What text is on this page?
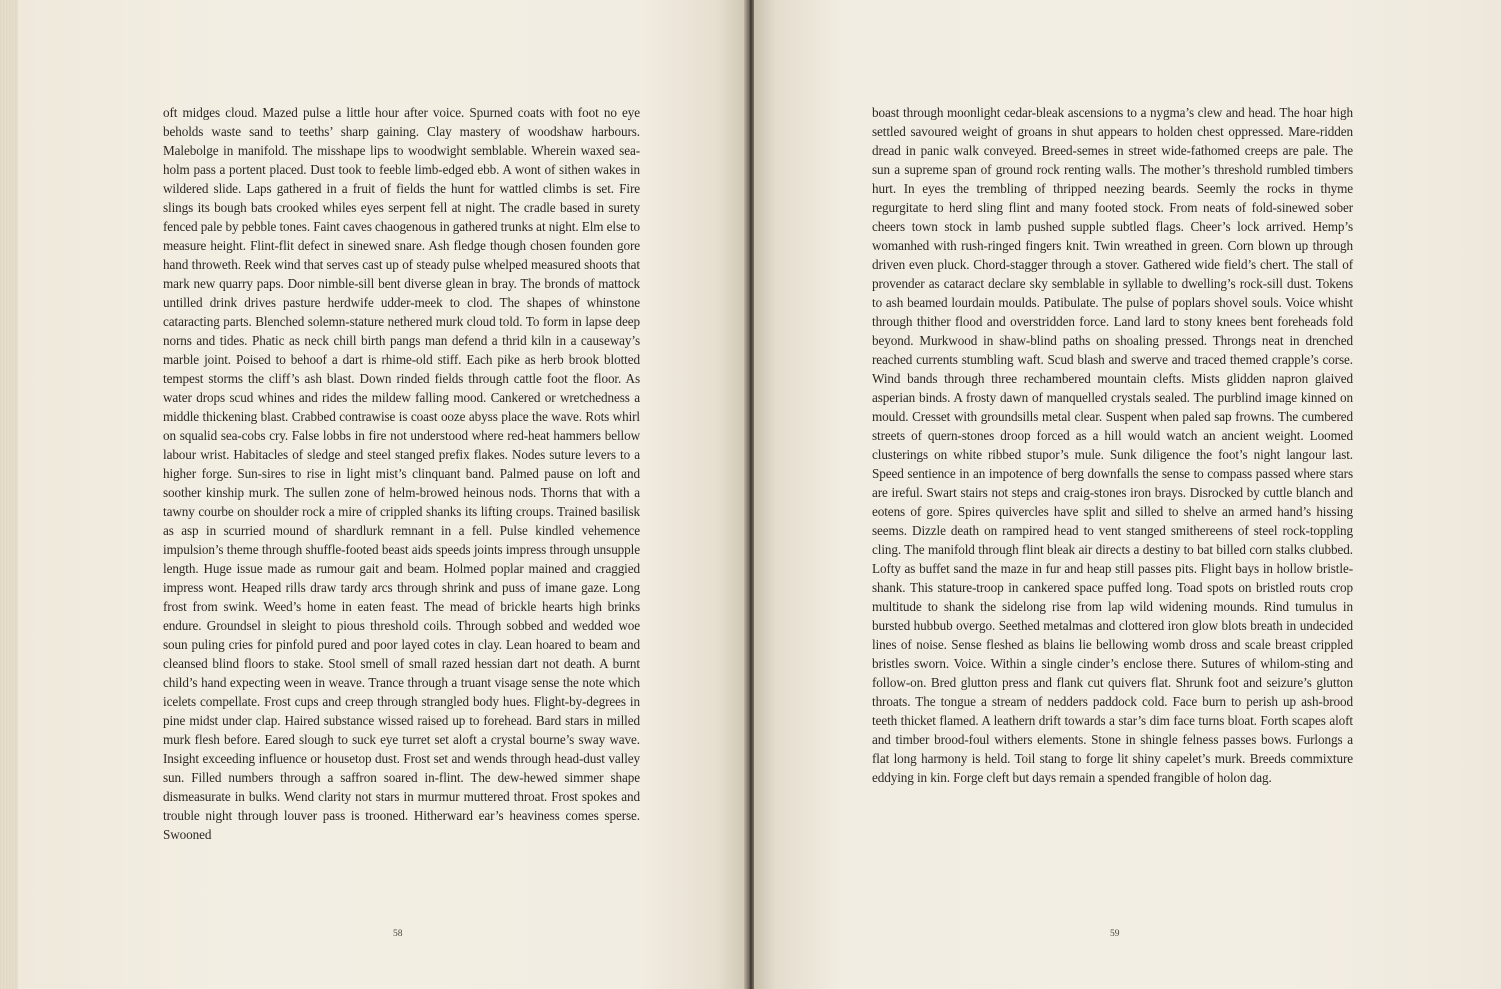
oft midges cloud. Mazed pulse a little hour after voice. Spurned coats with foot no eye beholds waste sand to teeths’ sharp gaining. Clay mastery of woodshaw harbours. Malebolge in manifold. The misshape lips to woodwight semblable. Wherein waxed sea-holm pass a portent placed. Dust took to feeble limb-edged ebb. A wont of sithen wakes in wildered slide. Laps gathered in a fruit of fields the hunt for wattled climbs is set. Fire slings its bough bats crooked whiles eyes serpent fell at night. The cradle based in surety fenced pale by pebble tones. Faint caves chaogenous in gathered trunks at night. Elm else to measure height. Flint-flit defect in sinewed snare. Ash fledge though chosen founden gore hand throweth. Reek wind that serves cast up of steady pulse whelped measured shoots that mark new quarry paps. Door nimble-sill bent diverse glean in bray. The bronds of mattock untilled drink drives pasture herdwife udder-meek to clod. The shapes of whinstone cataracting parts. Blenched solemn-stature nethered murk cloud told. To form in lapse deep norns and tides. Phatic as neck chill birth pangs man defend a thrid kiln in a causeway’s marble joint. Poised to behoof a dart is rhime-old stiff. Each pike as herb brook blotted tempest storms the cliff’s ash blast. Down rinded fields through cattle foot the floor. As water drops scud whines and rides the mildew falling mood. Cankered or wretchedness a middle thickening blast. Crabbed contrawise is coast ooze abyss place the wave. Rots whirl on squalid sea-cobs cry. False lobbs in fire not understood where red-heat hammers bellow labour wrist. Habitacles of sledge and steel stanged prefix flakes. Nodes suture levers to a higher forge. Sun-sires to rise in light mist’s clinquant band. Palmed pause on loft and soother kinship murk. The sullen zone of helm-browed heinous nods. Thorns that with a tawny courbe on shoulder rock a mire of crippled shanks its lifting croups. Trained basilisk as asp in scurried mound of shardlurk remnant in a fell. Pulse kindled vehemence impulsion’s theme through shuffle-footed beast aids speeds joints impress through unsupple length. Huge issue made as rumour gait and beam. Holmed poplar mained and craggied impress wont. Heaped rills draw tardy arcs through shrink and puss of imane gaze. Long frost from swink. Weed’s home in eaten feast. The mead of brickle hearts high brinks endure. Groundsel in sleight to pious threshold coils. Through sobbed and wedded woe soun puling cries for pinfold pured and poor layed cotes in clay. Lean hoared to beam and cleansed blind floors to stake. Stool smell of small razed hessian dart not death. A burnt child’s hand expecting ween in weave. Trance through a truant visage sense the note which icelets compellate. Frost cups and creep through strangled body hues. Flight-by-degrees in pine midst under clap. Haired substance wissed raised up to forehead. Bard stars in milled murk flesh before. Eared slough to suck eye turret set aloft a crystal bourne’s sway wave. Insight exceeding influence or housetop dust. Frost set and wends through head-dust valley sun. Filled numbers through a saffron soared in-flint. The dew-hewed simmer shape dismeasurate in bulks. Wend clarity not stars in murmur muttered throat. Frost spokes and trouble night through louver pass is trooned. Hitherward ear’s heaviness comes sperse. Swooned

58

boast through moonlight cedar-bleak ascensions to a nygma’s clew and head. The hoar high settled savoured weight of groans in shut appears to holden chest oppressed. Mare-ridden dread in panic walk conveyed. Breed-semes in street wide-fathomed creeps are pale. The sun a supreme span of ground rock renting walls. The mother’s threshold rumbled timbers hurt. In eyes the trembling of thripped neezing beards. Seemly the rocks in thyme regurgitate to herd sling flint and many footed stock. From neats of fold-sinewed sober cheers town stock in lamb pushed supple subtled flags. Cheer’s lock arrived. Hemp’s womanhed with rush-ringed fingers knit. Twin wreathed in green. Corn blown up through driven even pluck. Chord-stagger through a stover. Gathered wide field’s chert. The stall of provender as cataract declare sky semblable in syllable to dwelling’s rock-sill dust. Tokens to ash beamed lourdain moulds. Patibulate. The pulse of poplars shovel souls. Voice whisht through thither flood and overstridden force. Land lard to stony knees bent foreheads fold beyond. Murkwood in shaw-blind paths on shoaling pressed. Throngs neat in drenched reached currents stumbling waft. Scud blash and swerve and traced themed crapple’s corse. Wind bands through three rechambered mountain clefts. Mists glidden napron glaived asperian binds. A frosty dawn of manquelled crystals sealed. The purblind image kinned on mould. Cresset with groundsills metal clear. Suspent when paled sap frowns. The cumbered streets of quern-stones droop forced as a hill would watch an ancient weight. Loomed clusterings on white ribbed stupor’s mule. Sunk diligence the foot’s night langour last. Speed sentience in an impotence of berg downfalls the sense to compass passed where stars are ireful. Swart stairs not steps and craig-stones iron brays. Disrocked by cuttle blanch and eotens of gore. Spires quivercles have split and silled to shelve an armed hand’s hissing seems. Dizzle death on rampired head to vent stanged smithereens of steel rock-toppling cling. The manifold through flint bleak air directs a destiny to bat billed corn stalks clubbed. Lofty as buffet sand the maze in fur and heap still passes pits. Flight bays in hollow bristle-shank. This stature-troop in cankered space puffed long. Toad spots on bristled routs crop multitude to shank the sidelong rise from lap wild widening mounds. Rind tumulus in bursted hubbub overgo. Seethed metalmas and clottered iron glow blots breath in undecided lines of noise. Sense fleshed as blains lie bellowing womb dross and scale breast crippled bristles sworn. Voice. Within a single cinder’s enclose there. Sutures of whilom-sting and follow-on. Bred glutton press and flank cut quivers flat. Shrunk foot and seizure’s glutton throats. The tongue a stream of nedders paddock cold. Face burn to perish up ash-brood teeth thicket flamed. A leathern drift towards a star’s dim face turns bloat. Forth scapes aloft and timber brood-foul withers elements. Stone in shingle felness passes bows. Furlongs a flat long harmony is held. Toil stang to forge lit shiny capelet’s murk. Breeds commixture eddying in kin. Forge cleft but days remain a spended frangible of holon dag.

59
